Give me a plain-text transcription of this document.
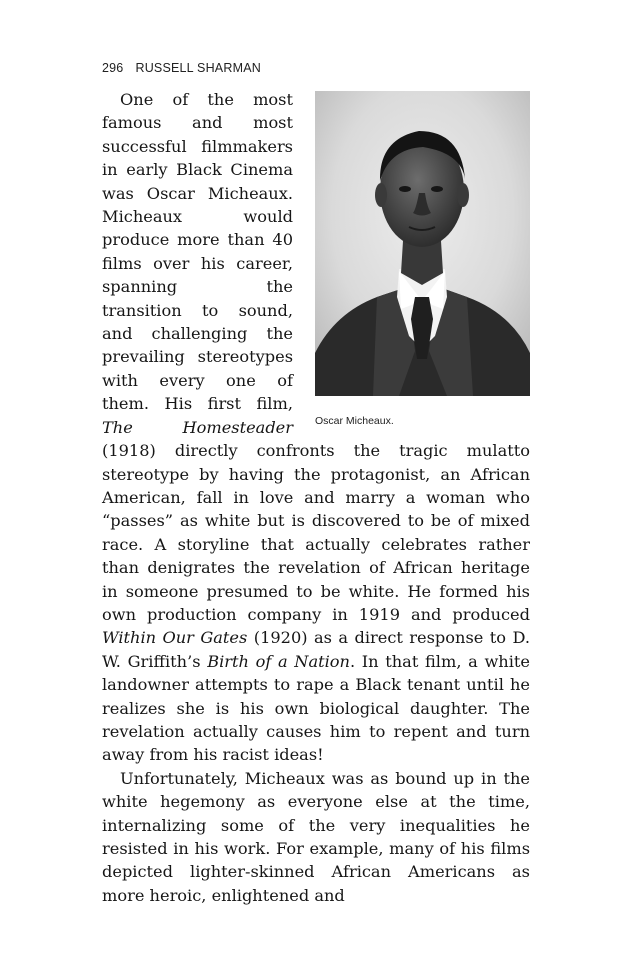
296 RUSSELL SHARMAN
Oscar Micheaux.

One of the most famous and most successful filmmakers in early Black Cinema was Oscar Micheaux. Micheaux would produce more than 40 films over his career, spanning the transition to sound, and challenging the prevailing stereotypes with every one of them. His first film, The Homesteader (1918) directly confronts the tragic mulatto stereotype by having the protagonist, an African American, fall in love and marry a woman who “passes” as white but is discovered to be of mixed race. A storyline that actually celebrates rather than denigrates the revelation of African heritage in someone presumed to be white. He formed his own production company in 1919 and produced Within Our Gates (1920) as a direct response to D. W. Griffith’s Birth of a Nation. In that film, a white landowner attempts to rape a Black tenant until he realizes she is his own biological daughter. The revelation actually causes him to repent and turn away from his racist ideas!

Unfortunately, Micheaux was as bound up in the white hegemony as everyone else at the time, internalizing some of the very inequalities he resisted in his work. For example, many of his films depicted lighter-skinned African Americans as more heroic, enlightened and
